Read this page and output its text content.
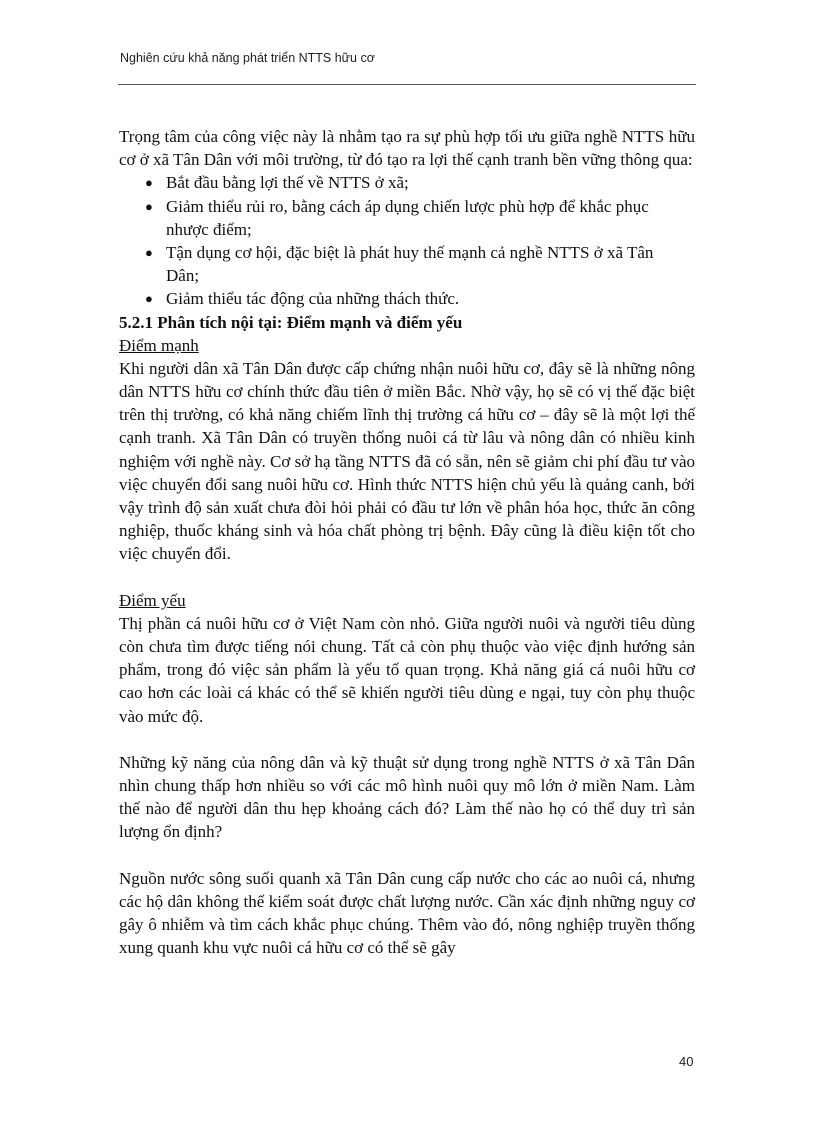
Nghiên cứu khả năng phát triển NTTS hữu cơ

Trọng tâm của công việc này là nhằm tạo ra sự phù hợp tối ưu giữa nghề NTTS hữu cơ ở xã Tân Dân với môi trường, từ đó tạo ra lợi thế cạnh tranh bền vững thông qua:

● Bắt đầu bằng lợi thế về NTTS ở xã;
● Giảm thiểu rủi ro, bằng cách áp dụng chiến lược phù hợp để khắc phục nhược điểm;
● Tận dụng cơ hội, đặc biệt là phát huy thế mạnh cả nghề NTTS ở xã Tân Dân;
● Giảm thiểu tác động của những thách thức.

5.2.1 Phân tích nội tại: Điểm mạnh và điểm yếu

Điểm mạnh

Khi người dân xã Tân Dân được cấp chứng nhận nuôi hữu cơ, đây sẽ là những nông dân NTTS hữu cơ chính thức đầu tiên ở miền Bắc. Nhờ vậy, họ sẽ có vị thế đặc biệt trên thị trường, có khả năng chiếm lĩnh thị trường cá hữu cơ – đây sẽ là một lợi thế cạnh tranh. Xã Tân Dân có truyền thống nuôi cá từ lâu và nông dân có nhiều kinh nghiệm với nghề này. Cơ sở hạ tầng NTTS đã có sẵn, nên sẽ giảm chi phí đầu tư vào việc chuyển đổi sang nuôi hữu cơ. Hình thức NTTS hiện chủ yếu là quảng canh, bởi vậy trình độ sản xuất chưa đòi hỏi phải có đầu tư lớn về phân hóa học, thức ăn công nghiệp, thuốc kháng sinh và hóa chất phòng trị bệnh. Đây cũng là điều kiện tốt cho việc chuyển đổi.

Điểm yếu

Thị phần cá nuôi hữu cơ ở Việt Nam còn nhỏ. Giữa người nuôi và người tiêu dùng còn chưa tìm được tiếng nói chung. Tất cả còn phụ thuộc vào việc định hướng sản phẩm, trong đó việc sản phẩm là yếu tố quan trọng. Khả năng giá cá nuôi hữu cơ cao hơn các loài cá khác có thể sẽ khiến người tiêu dùng e ngại, tuy còn phụ thuộc vào mức độ.

Những kỹ năng của nông dân và kỹ thuật sử dụng trong nghề NTTS ở xã Tân Dân nhìn chung thấp hơn nhiều so với các mô hình nuôi quy mô lớn ở miền Nam. Làm thế nào để người dân thu hẹp khoảng cách đó? Làm thế nào họ có thể duy trì sản lượng ổn định?

Nguồn nước sông suối quanh xã Tân Dân cung cấp nước cho các ao nuôi cá, nhưng các hộ dân không thể kiểm soát được chất lượng nước. Cần xác định những nguy cơ gây ô nhiễm và tìm cách khắc phục chúng. Thêm vào đó, nông nghiệp truyền thống xung quanh khu vực nuôi cá hữu cơ có thể sẽ gây

40
